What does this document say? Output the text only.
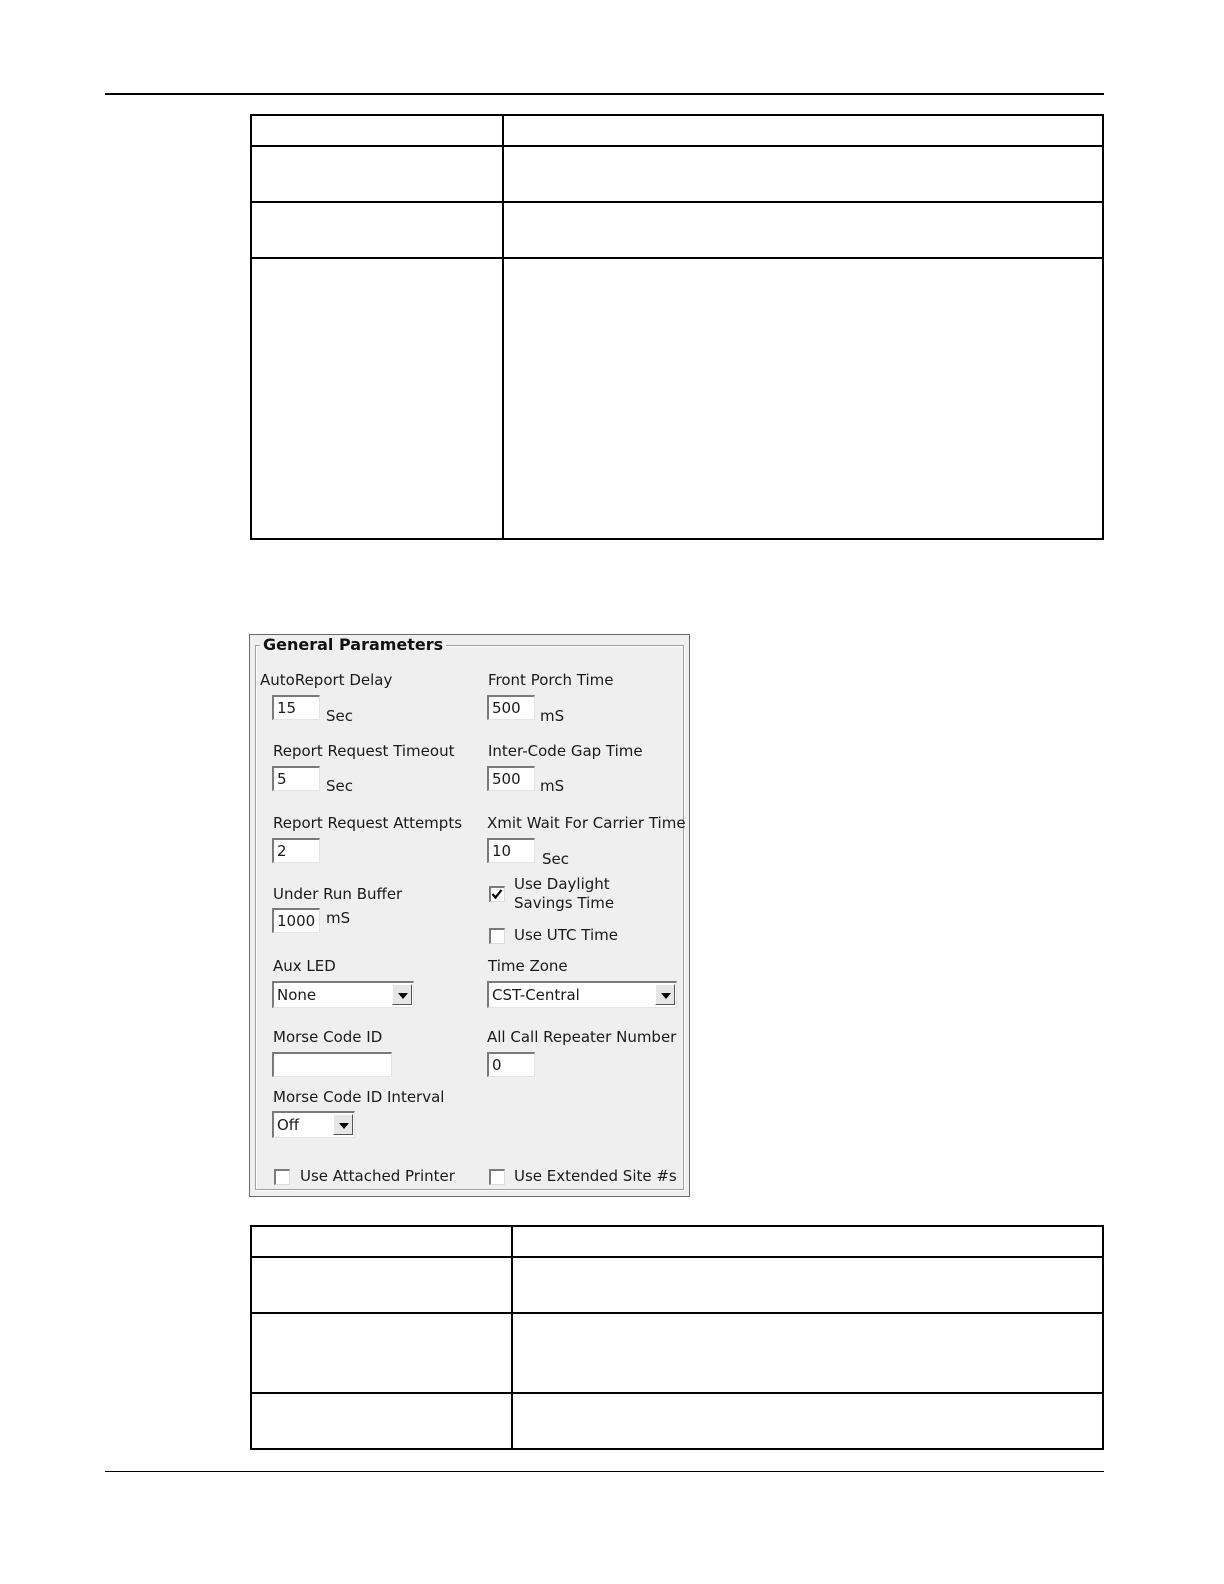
General Parameters
AutoReport Delay
15	Sec
Report Request Timeout
5	Sec
Report Request Attempts
2
Under Run Buffer
1000 mS
Aux LED
None
Morse Code ID
Morse Code ID Interval
Off
Use Attached Printer
Front Porch Time
500	mS
Inter-Code Gap Time
500	mS
Xmit Wait For Carrier Time
10	Sec
Use Daylight
Savings Time
Use UTC Time
Time Zone
CST-Central
All Call Repeater Number
0
Use Extended Site #s
